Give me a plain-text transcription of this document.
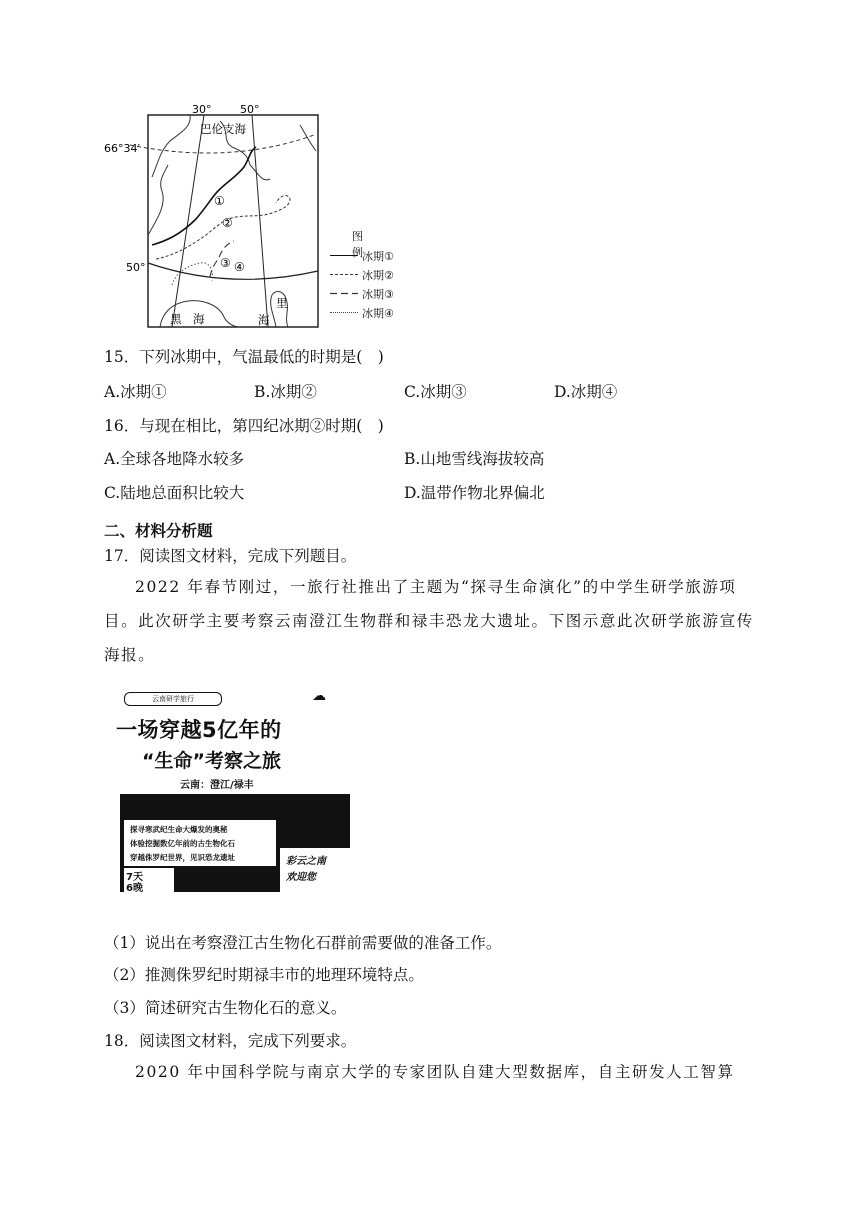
30°	50°
66°34′
50°
①
②
③ ④
巴伦支海
黑　海
里
海
图例 冰期①
冰期②
冰期③
冰期④
15．下列冰期中，气温最低的时期是(　)
A.冰期①	B.冰期②	C.冰期③	D.冰期④
16．与现在相比，第四纪冰期②时期(　)
A.全球各地降水较多	B.山地雪线海拔较高
C.陆地总面积比较大	D.温带作物北界偏北
二、材料分析题
17．阅读图文材料，完成下列题目。
2022 年春节刚过，一旅行社推出了主题为“探寻生命演化”的中学生研学旅游项目。此次研学主要考察云南澄江生物群和禄丰恐龙大遗址。下图示意此次研学旅游宣传海报。
云南研学旅行	☁
一场穿越5亿年的
“生命”考察之旅
云南：澄江/禄丰
探寻寒武纪生命大爆发的奥秘
体验挖掘数亿年前的古生物化石
穿越侏罗纪世界，见识恐龙遗址	彩云之南
欢迎您
7天
6晚
（1）说出在考察澄江古生物化石群前需要做的准备工作。
（2）推测侏罗纪时期禄丰市的地理环境特点。
（3）简述研究古生物化石的意义。
18．阅读图文材料，完成下列要求。
2020 年中国科学院与南京大学的专家团队自建大型数据库，自主研发人工智算
